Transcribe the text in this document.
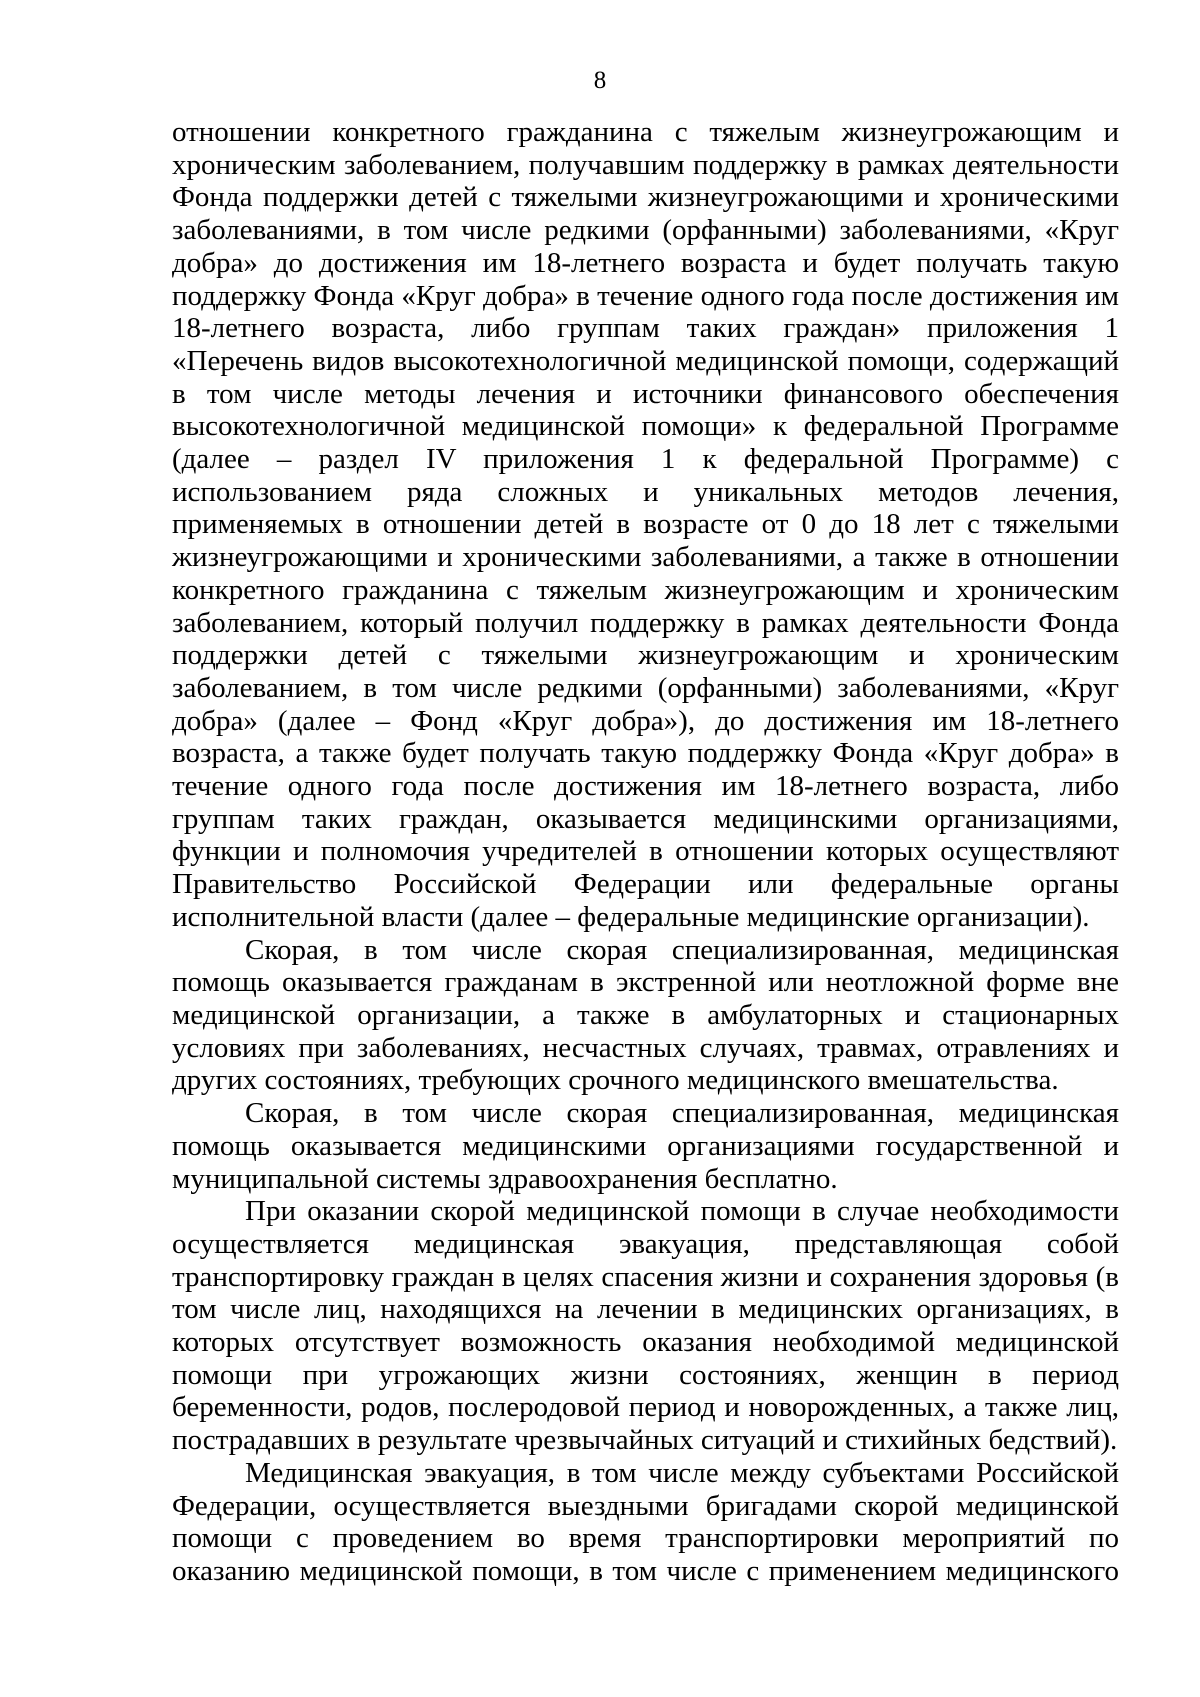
8

отношении конкретного гражданина с тяжелым жизнеугрожающим и хроническим заболеванием, получавшим поддержку в рамках деятельности Фонда поддержки детей с тяжелыми жизнеугрожающими и хроническими заболеваниями, в том числе редкими (орфанными) заболеваниями, «Круг добра» до достижения им 18-летнего возраста и будет получать такую поддержку Фонда «Круг добра» в течение одного года после достижения им 18-летнего возраста, либо группам таких граждан» приложения 1 «Перечень видов высокотехнологичной медицинской помощи, содержащий в том числе методы лечения и источники финансового обеспечения высокотехнологичной медицинской помощи» к федеральной Программе (далее – раздел IV приложения 1 к федеральной Программе) с использованием ряда сложных и уникальных методов лечения, применяемых в отношении детей в возрасте от 0 до 18 лет с тяжелыми жизнеугрожающими и хроническими заболеваниями, а также в отношении конкретного гражданина с тяжелым жизнеугрожающим и хроническим заболеванием, который получил поддержку в рамках деятельности Фонда поддержки детей с тяжелыми жизнеугрожающим и хроническим заболеванием, в том числе редкими (орфанными) заболеваниями, «Круг добра» (далее – Фонд «Круг добра»), до достижения им 18-летнего возраста, а также будет получать такую поддержку Фонда «Круг добра» в течение одного года после достижения им 18-летнего возраста, либо группам таких граждан, оказывается медицинскими организациями, функции и полномочия учредителей в отношении которых осуществляют Правительство Российской Федерации или федеральные органы исполнительной власти (далее – федеральные медицинские организации).

Скорая, в том числе скорая специализированная, медицинская помощь оказывается гражданам в экстренной или неотложной форме вне медицинской организации, а также в амбулаторных и стационарных условиях при заболеваниях, несчастных случаях, травмах, отравлениях и других состояниях, требующих срочного медицинского вмешательства.

Скорая, в том числе скорая специализированная, медицинская помощь оказывается медицинскими организациями государственной и муниципальной системы здравоохранения бесплатно.

При оказании скорой медицинской помощи в случае необходимости осуществляется медицинская эвакуация, представляющая собой транспортировку граждан в целях спасения жизни и сохранения здоровья (в том числе лиц, находящихся на лечении в медицинских организациях, в которых отсутствует возможность оказания необходимой медицинской помощи при угрожающих жизни состояниях, женщин в период беременности, родов, послеродовой период и новорожденных, а также лиц, пострадавших в результате чрезвычайных ситуаций и стихийных бедствий).

Медицинская эвакуация, в том числе между субъектами Российской Федерации, осуществляется выездными бригадами скорой медицинской помощи с проведением во время транспортировки мероприятий по оказанию медицинской помощи, в том числе с применением медицинского
